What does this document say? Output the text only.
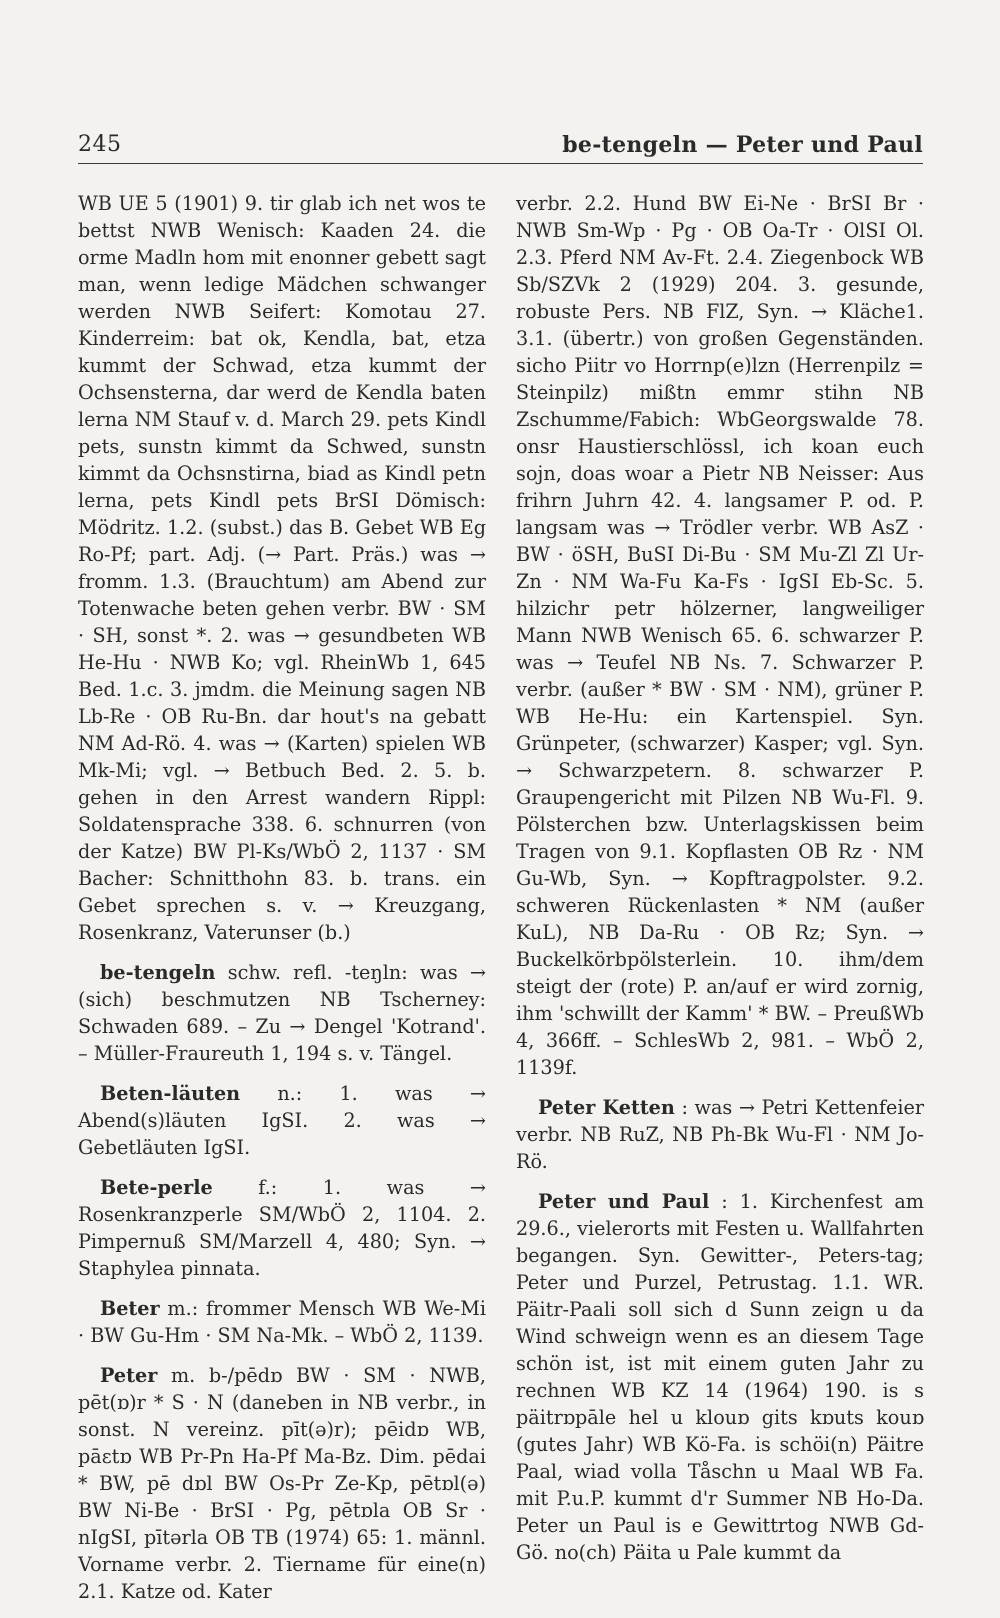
245	be-tengeln — Peter und Paul

WB UE 5 (1901) 9. tir glab ich net wos te bettst NWB Wenisch: Kaaden 24. die orme Madln hom mit enonner gebett sagt man, wenn ledige Mädchen schwanger werden NWB Seifert: Komotau 27. Kinderreim: bat ok, Kendla, bat, etza kummt der Schwad, etza kummt der Ochsensterna, dar werd de Kendla baten lerna NM Stauf v. d. March 29. pets Kindl pets, sunstn kimmt da Schwed, sunstn kimmt da Ochsnstirna, biad as Kindl petn lerna, pets Kindl pets BrSI Dömisch: Mödritz. 1.2. (subst.) das B. Gebet WB Eg Ro-Pf; part. Adj. (→ Part. Präs.) was → fromm. 1.3. (Brauchtum) am Abend zur Totenwache beten gehen verbr. BW · SM · SH, sonst *. 2. was → gesundbeten WB He-Hu · NWB Ko; vgl. RheinWb 1, 645 Bed. 1.c. 3. jmdm. die Meinung sagen NB Lb-Re · OB Ru-Bn. dar hout's na gebatt NM Ad-Rö. 4. was → (Karten) spielen WB Mk-Mi; vgl. → Betbuch Bed. 2. 5. b. gehen in den Arrest wandern Rippl: Soldatensprache 338. 6. schnurren (von der Katze) BW Pl-Ks/WbÖ 2, 1137 · SM Bacher: Schnitthohn 83. b. trans. ein Gebet sprechen s. v. → Kreuzgang, Rosenkranz, Vaterunser (b.)

be-tengeln schw. refl. -teŋln: was → (sich) beschmutzen NB Tscherney: Schwaden 689. – Zu → Dengel 'Kotrand'. – Müller-Fraureuth 1, 194 s. v. Tängel.

Beten-läuten n.: 1. was → Abend(s)läuten IgSI. 2. was → Gebetläuten IgSI.

Bete-perle f.: 1. was → Rosenkranzperle SM/WbÖ 2, 1104. 2. Pimpernuß SM/Marzell 4, 480; Syn. → Staphylea pinnata.

Beter m.: frommer Mensch WB We-Mi · BW Gu-Hm · SM Na-Mk. – WbÖ 2, 1139.

Peter m. b-/pēdɒ BW · SM · NWB, pēt(ɒ)r * S · N (daneben in NB verbr., in sonst. N vereinz. pīt(ə)r); pēidɒ WB, pāɛtɒ WB Pr-Pn Ha-Pf Ma-Bz. Dim. pēdai * BW, pē dɒl BW Os-Pr Ze-Kp, pētɒl(ə) BW Ni-Be · BrSI · Pg, pētɒla OB Sr · nIgSI, pītərla OB TB (1974) 65: 1. männl. Vorname verbr. 2. Tiername für eine(n) 2.1. Katze od. Kater

verbr. 2.2. Hund BW Ei-Ne · BrSI Br · NWB Sm-Wp · Pg · OB Oa-Tr · OlSI Ol. 2.3. Pferd NM Av-Ft. 2.4. Ziegenbock WB Sb/SZVk 2 (1929) 204. 3. gesunde, robuste Pers. NB FlZ, Syn. → Kläche1. 3.1. (übertr.) von großen Gegenständen. sicho Piitr vo Horrnp(e)lzn (Herrenpilz = Steinpilz) mißtn emmr stihn NB Zschumme/Fabich: WbGeorgswalde 78. onsr Haustierschlössl, ich koan euch sojn, doas woar a Pietr NB Neisser: Aus frihrn Juhrn 42. 4. langsamer P. od. P. langsam was → Trödler verbr. WB AsZ · BW · öSH, BuSI Di-Bu · SM Mu-Zl Zl Ur-Zn · NM Wa-Fu Ka-Fs · IgSI Eb-Sc. 5. hilzichr petr hölzerner, langweiliger Mann NWB Wenisch 65. 6. schwarzer P. was → Teufel NB Ns. 7. Schwarzer P. verbr. (außer * BW · SM · NM), grüner P. WB He-Hu: ein Kartenspiel. Syn. Grünpeter, (schwarzer) Kasper; vgl. Syn. → Schwarzpetern. 8. schwarzer P. Graupengericht mit Pilzen NB Wu-Fl. 9. Pölsterchen bzw. Unterlagskissen beim Tragen von 9.1. Kopflasten OB Rz · NM Gu-Wb, Syn. → Kopftragpolster. 9.2. schweren Rückenlasten * NM (außer KuL), NB Da-Ru · OB Rz; Syn. → Buckelkörbpölsterlein. 10. ihm/dem steigt der (rote) P. an/auf er wird zornig, ihm 'schwillt der Kamm' * BW. – PreußWb 4, 366ff. – SchlesWb 2, 981. – WbÖ 2, 1139f.

Peter Ketten : was → Petri Kettenfeier verbr. NB RuZ, NB Ph-Bk Wu-Fl · NM Jo-Rö.

Peter und Paul : 1. Kirchenfest am 29.6., vielerorts mit Festen u. Wallfahrten begangen. Syn. Gewitter-, Peters-tag; Peter und Purzel, Petrustag. 1.1. WR. Päitr-Paali soll sich d Sunn zeign u da Wind schweign wenn es an diesem Tage schön ist, ist mit einem guten Jahr zu rechnen WB KZ 14 (1964) 190. is s päitrɒpāle hel u klouɒ gits kɒuts kouɒ (gutes Jahr) WB Kö-Fa. is schöi(n) Päitre Paal, wiad volla Tåschn u Maal WB Fa. mit P.u.P. kummt d'r Summer NB Ho-Da. Peter un Paul is e Gewittrtog NWB Gd-Gö. no(ch) Päita u Pale kummt da
